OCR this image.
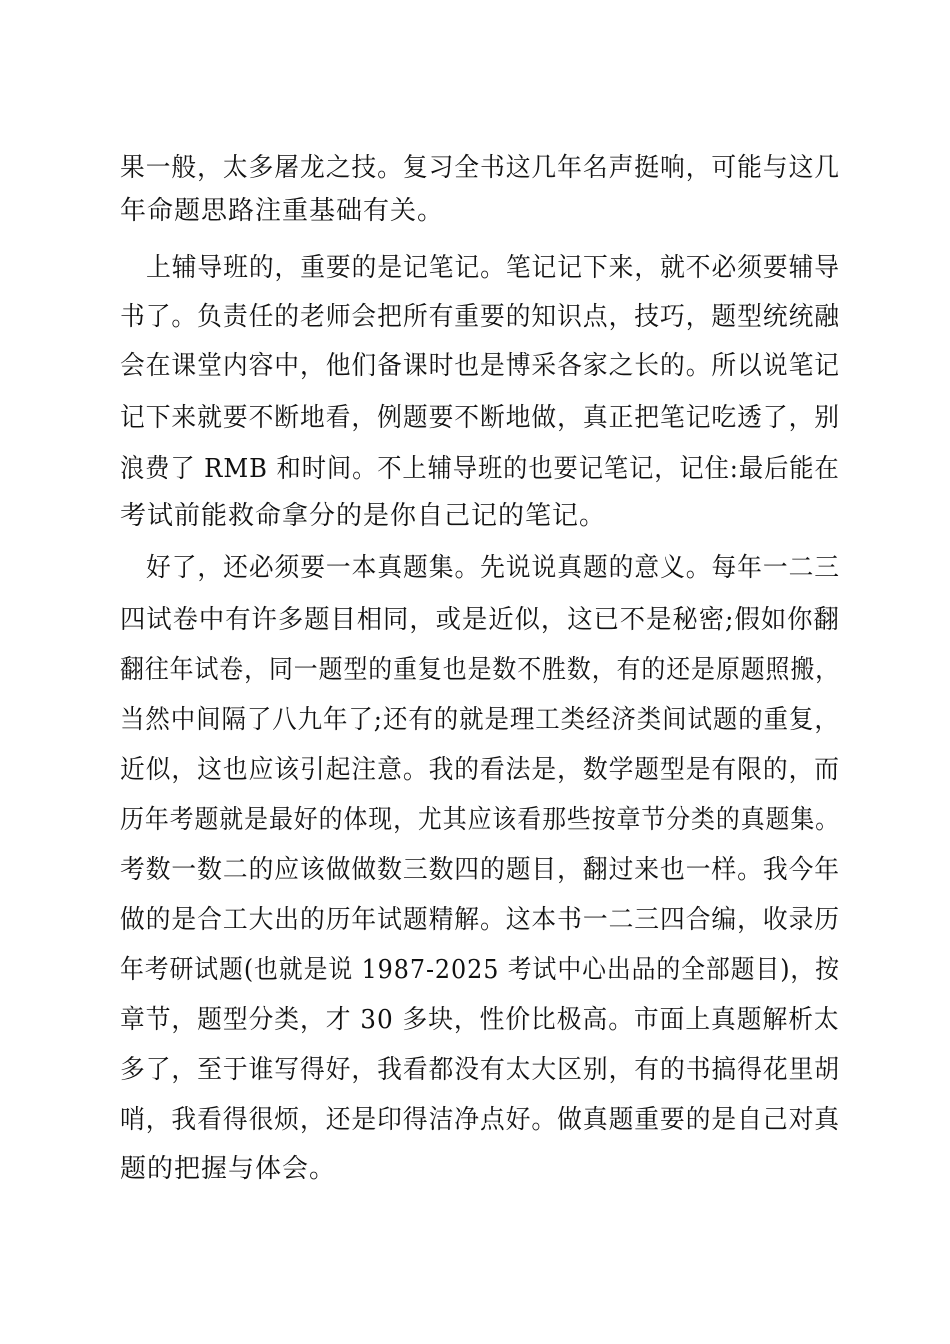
果一般，太多屠龙之技。复习全书这几年名声挺响，可能与这几
年命题思路注重基础有关。
上辅导班的，重要的是记笔记。笔记记下来，就不必须要辅导
书了。负责任的老师会把所有重要的知识点，技巧，题型统统融
会在课堂内容中，他们备课时也是博采各家之长的。所以说笔记
记下来就要不断地看，例题要不断地做，真正把笔记吃透了，别
浪费了 RMB 和时间。不上辅导班的也要记笔记，记住:最后能在
考试前能救命拿分的是你自己记的笔记。
好了，还必须要一本真题集。先说说真题的意义。每年一二三
四试卷中有许多题目相同，或是近似，这已不是秘密;假如你翻
翻往年试卷，同一题型的重复也是数不胜数，有的还是原题照搬，
当然中间隔了八九年了;还有的就是理工类经济类间试题的重复，
近似，这也应该引起注意。我的看法是，数学题型是有限的，而
历年考题就是最好的体现，尤其应该看那些按章节分类的真题集。
考数一数二的应该做做数三数四的题目，翻过来也一样。我今年
做的是合工大出的历年试题精解。这本书一二三四合编，收录历
年考研试题(也就是说 1987-2025 考试中心出品的全部题目)，按
章节，题型分类，才 30 多块，性价比极高。市面上真题解析太
多了，至于谁写得好，我看都没有太大区别，有的书搞得花里胡
哨，我看得很烦，还是印得洁净点好。做真题重要的是自己对真
题的把握与体会。
